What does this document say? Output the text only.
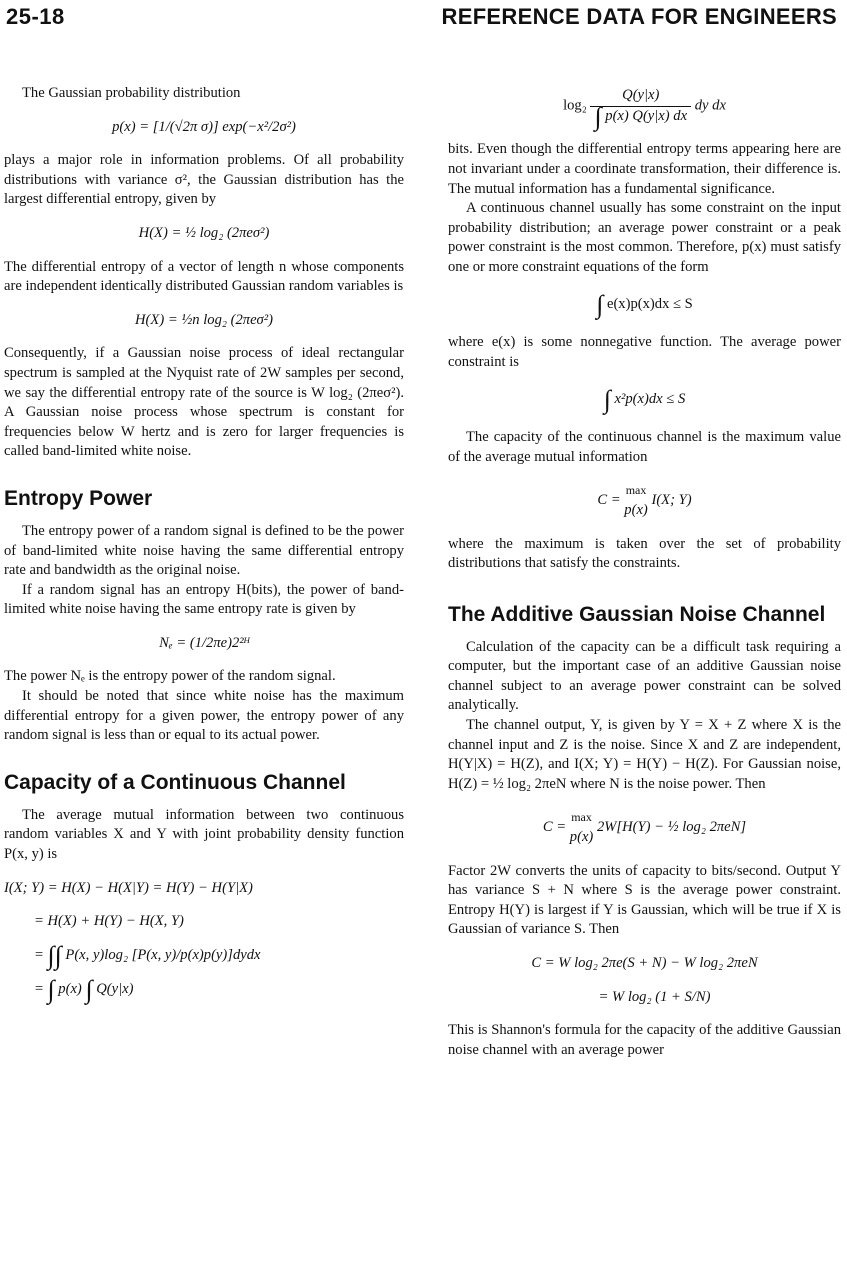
25-18	REFERENCE DATA FOR ENGINEERS

The Gaussian probability distribution

p(x) = [1/(√2π σ)] exp(−x²/2σ²)

plays a major role in information problems. Of all probability distributions with variance σ², the Gaussian distribution has the largest differential entropy, given by

H(X) = ½ log₂ (2πeσ²)

The differential entropy of a vector of length n whose components are independent identically distributed Gaussian random variables is

H(X) = ½n log₂ (2πeσ²)

Consequently, if a Gaussian noise process of ideal rectangular spectrum is sampled at the Nyquist rate of 2W samples per second, we say the differential entropy rate of the source is W log₂ (2πeσ²). A Gaussian noise process whose spectrum is constant for frequencies below W hertz and is zero for larger frequencies is called band-limited white noise.

Entropy Power

The entropy power of a random signal is defined to be the power of band-limited white noise having the same differential entropy rate and bandwidth as the original noise.

If a random signal has an entropy H(bits), the power of band-limited white noise having the same entropy rate is given by

Nₑ = (1/2πe)2²ᴴ

The power Nₑ is the entropy power of the random signal.

It should be noted that since white noise has the maximum differential entropy for a given power, the entropy power of any random signal is less than or equal to its actual power.

Capacity of a Continuous Channel

The average mutual information between two continuous random variables X and Y with joint probability density function P(x, y) is

I(X; Y) = H(X) − H(X|Y) = H(Y) − H(Y|X)
= H(X) + H(Y) − H(X, Y)
= ∫∫ P(x, y)log₂ [P(x, y)/p(x)p(y)]dydx
= ∫ p(x) ∫ Q(y|x)
$\log_2 \frac{Q(y|x)}{\int p(x) Q(y|x) dx}$ dy dx

bits. Even though the differential entropy terms appearing here are not invariant under a coordinate transformation, their difference is. The mutual information has a fundamental significance.

A continuous channel usually has some constraint on the input probability distribution; an average power constraint or a peak power constraint is the most common. Therefore, p(x) must satisfy one or more constraint equations of the form

∫ e(x)p(x)dx ≤ S

where e(x) is some nonnegative function. The average power constraint is

∫ x²p(x)dx ≤ S

The capacity of the continuous channel is the maximum value of the average mutual information

C =
max
p(x)
I(X; Y)

where the maximum is taken over the set of probability distributions that satisfy the constraints.

The Additive Gaussian Noise Channel

Calculation of the capacity can be a difficult task requiring a computer, but the important case of an additive Gaussian noise channel subject to an average power constraint can be solved analytically.

The channel output, Y, is given by Y = X + Z where X is the channel input and Z is the noise. Since X and Z are independent, H(Y|X) = H(Z), and I(X; Y) = H(Y) − H(Z). For Gaussian noise, H(Z) = ½ log₂ 2πeN where N is the noise power. Then

C =
max
p(x)
2W[H(Y) − ½ log₂ 2πeN]

Factor 2W converts the units of capacity to bits/second. Output Y has variance S + N where S is the average power constraint. Entropy H(Y) is largest if Y is Gaussian, which will be true if X is Gaussian of variance S. Then

C = W log₂ 2πe(S + N) − W log₂ 2πeN
= W log₂ (1 + S/N)

This is Shannon's formula for the capacity of the additive Gaussian noise channel with an average power
